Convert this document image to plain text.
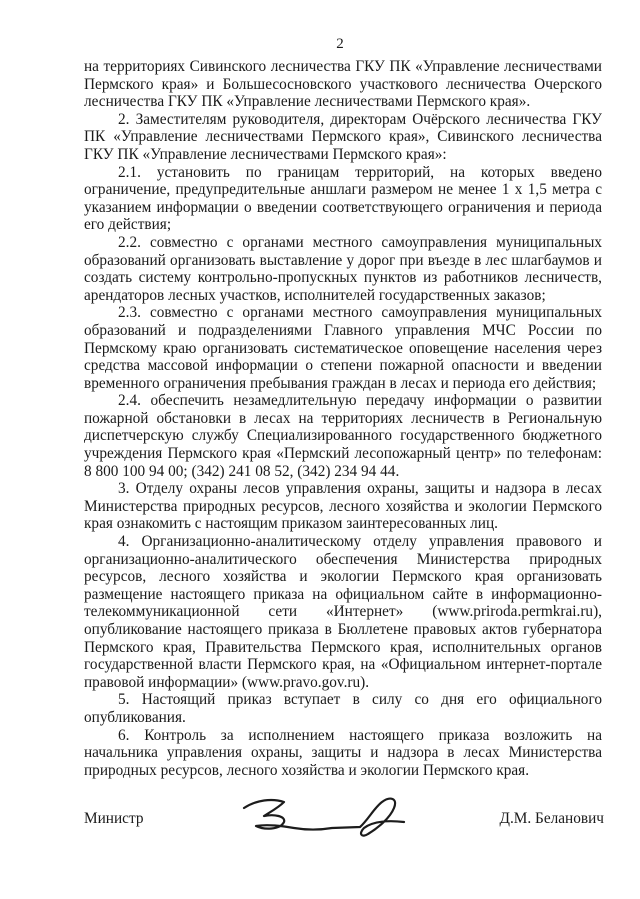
2

на территориях Сивинского лесничества ГКУ ПК «Управление лесничествами Пермского края» и Большесосновского участкового лесничества Очерского лесничества ГКУ ПК «Управление лесничествами Пермского края».

2. Заместителям руководителя, директорам Очёрского лесничества ГКУ ПК «Управление лесничествами Пермского края», Сивинского лесничества ГКУ ПК «Управление лесничествами Пермского края»:

2.1. установить по границам территорий, на которых введено ограничение, предупредительные аншлаги размером не менее 1 х 1,5 метра с указанием информации о введении соответствующего ограничения и периода его действия;

2.2. совместно с органами местного самоуправления муниципальных образований организовать выставление у дорог при въезде в лес шлагбаумов и создать систему контрольно-пропускных пунктов из работников лесничеств, арендаторов лесных участков, исполнителей государственных заказов;

2.3. совместно с органами местного самоуправления муниципальных образований и подразделениями Главного управления МЧС России по Пермскому краю организовать систематическое оповещение населения через средства массовой информации о степени пожарной опасности и введении временного ограничения пребывания граждан в лесах и периода его действия;

2.4. обеспечить незамедлительную передачу информации о развитии пожарной обстановки в лесах на территориях лесничеств в Региональную диспетчерскую службу Специализированного государственного бюджетного учреждения Пермского края «Пермский лесопожарный центр» по телефонам: 8 800 100 94 00; (342) 241 08 52, (342) 234 94 44.

3. Отделу охраны лесов управления охраны, защиты и надзора в лесах Министерства природных ресурсов, лесного хозяйства и экологии Пермского края ознакомить с настоящим приказом заинтересованных лиц.

4. Организационно-аналитическому отделу управления правового и организационно-аналитического обеспечения Министерства природных ресурсов, лесного хозяйства и экологии Пермского края организовать размещение настоящего приказа на официальном сайте в информационно-телекоммуникационной сети «Интернет» (www.prirodа.permkrai.ru), опубликование настоящего приказа в Бюллетене правовых актов губернатора Пермского края, Правительства Пермского края, исполнительных органов государственной власти Пермского края, на «Официальном интернет-портале правовой информации» (www.pravo.gov.ru).

5. Настоящий приказ вступает в силу со дня его официального опубликования.

6. Контроль за исполнением настоящего приказа возложить на начальника управления охраны, защиты и надзора в лесах Министерства природных ресурсов, лесного хозяйства и экологии Пермского края.

Министр	Д.М. Беланович
